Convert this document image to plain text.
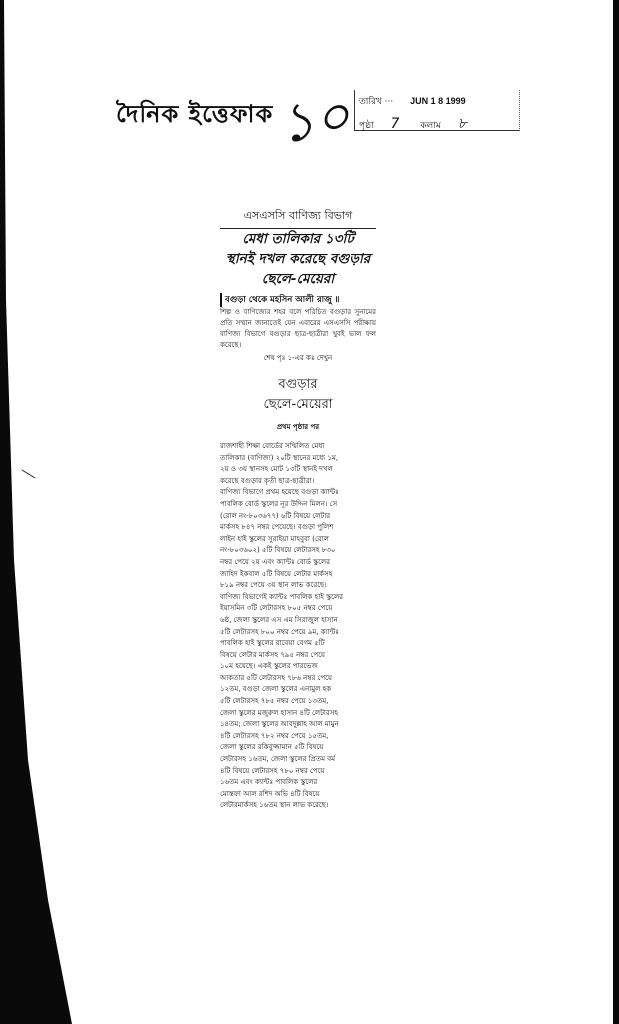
দৈনিক ইত্তেফাক ১০ তারিখ ··· JUN 1 8 1999
পৃষ্ঠা 7 কলাম ৮
এসএসসি বাণিজ্য বিভাগ
মেধা তালিকার ১৩টি
স্থানই দখল করেছে বগুড়ার
ছেলে-মেয়েরা
বগুড়া থেকে মহসিন আলী রাজু ॥
শিল্প ও বাণিজ্যের শহর বলে পরিচিত বগুড়ার সুনামের প্রতি সম্মান জানাতেই যেন এবারের এসএসসি পরীক্ষায় বাণিজ্য বিভাগে বগুড়ার ছাত্র-ছাত্রীরা খুবই ভাল ফল করেছে।
শেষ পৃঃ ১-এর কঃ দেখুন
বগুড়ার
ছেলে-মেয়েরা
প্রথম পৃষ্ঠার পর
রাজশাহী শিক্ষা বোর্ডের সম্মিলিত মেধা
তালিকার (বাণিজ্য) ২০টি স্থানের মধ্যে ১ম,
২য় ও ৩য় স্থানসহ মোট ১৩টি স্থানই দখল
করেছে বগুড়ার কৃতী ছাত্র-ছাত্রীরা।
বাণিজ্য বিভাগে প্রথম হয়েছে বগুড়া ক্যান্টঃ
পাবলিক বোর্ড স্কুলের নূর উদ্দিন মিলন। সে
(রোল নং-৮০৩৬৭৭) ৬টি বিষয়ে লেটার
মার্কসহ ৮৪৭ নম্বর পেয়েছে। বগুড়া পুলিশ
লাইন হাই স্কুলের সুরাইয়া মাহবুবা (রোল
নং-৮০৩৬০২) ৫টি বিষয়ে লেটারসহ ৮৩০
নম্বর পেয়ে ২য় এবং ক্যান্টঃ বোর্ড স্কুলের
জাহিদ ইকবাল ৫টি বিষয়ে লেটার মার্কসহ
৮১৯ নম্বর পেয়ে ৩য় স্থান লাভ করেছে।
বাণিজ্য বিভাগেই ক্যান্টঃ পাবলিক হাই স্কুলের
ইয়াসমিন ৩টি লেটারসহ ৮০৫ নম্বর পেয়ে
৬ষ্ঠ, জেলা স্কুলের এস এম সিরাজুল হাসান
৫টি লেটারসহ ৮০০ নম্বর পেয়ে ৯ম, ক্যান্টঃ
পাবলিক হাই স্কুলের রাবেয়া বেগম ৫টি
বিষয়ে লেটার মার্কসহ ৭৯৫ নম্বর পেয়ে
১০ম হয়েছে। একই স্কুলের পারভেজ
আকতার ৫টি লেটারসহ ৭৮৬ নম্বর পেয়ে
১২তম, বগুড়া জেলা স্কুলের এনামুল হক
৫টি লেটারসহ ৭৮৫ নম্বর পেয়ে ১৩তম,
জেলা স্কুলের মজুরুল হাসান ৪টি লেটারসহ
১৪তম; জেলা স্কুলের আবদুল্লাহ আল মামুন
৪টি লেটারসহ ৭৮২ নম্বর পেয়ে ১৫তম,
জেলা স্কুলের রকিবুজ্জামান ৫টি বিষয়ে
লেটারসহ ১৬তম, জেলা স্কুলের প্রিতম বর্ম
৪টি বিষয়ে লেটারসহ ৭৮০ নম্বর পেয়ে
১৬তম এবং ক্যান্টঃ পাবলিক স্কুলের
মোস্তফা আল রশিদ অভি ৪টি বিষয়ে
লেটারমার্কসহ ১৬তম স্থান লাভ করেছে।
